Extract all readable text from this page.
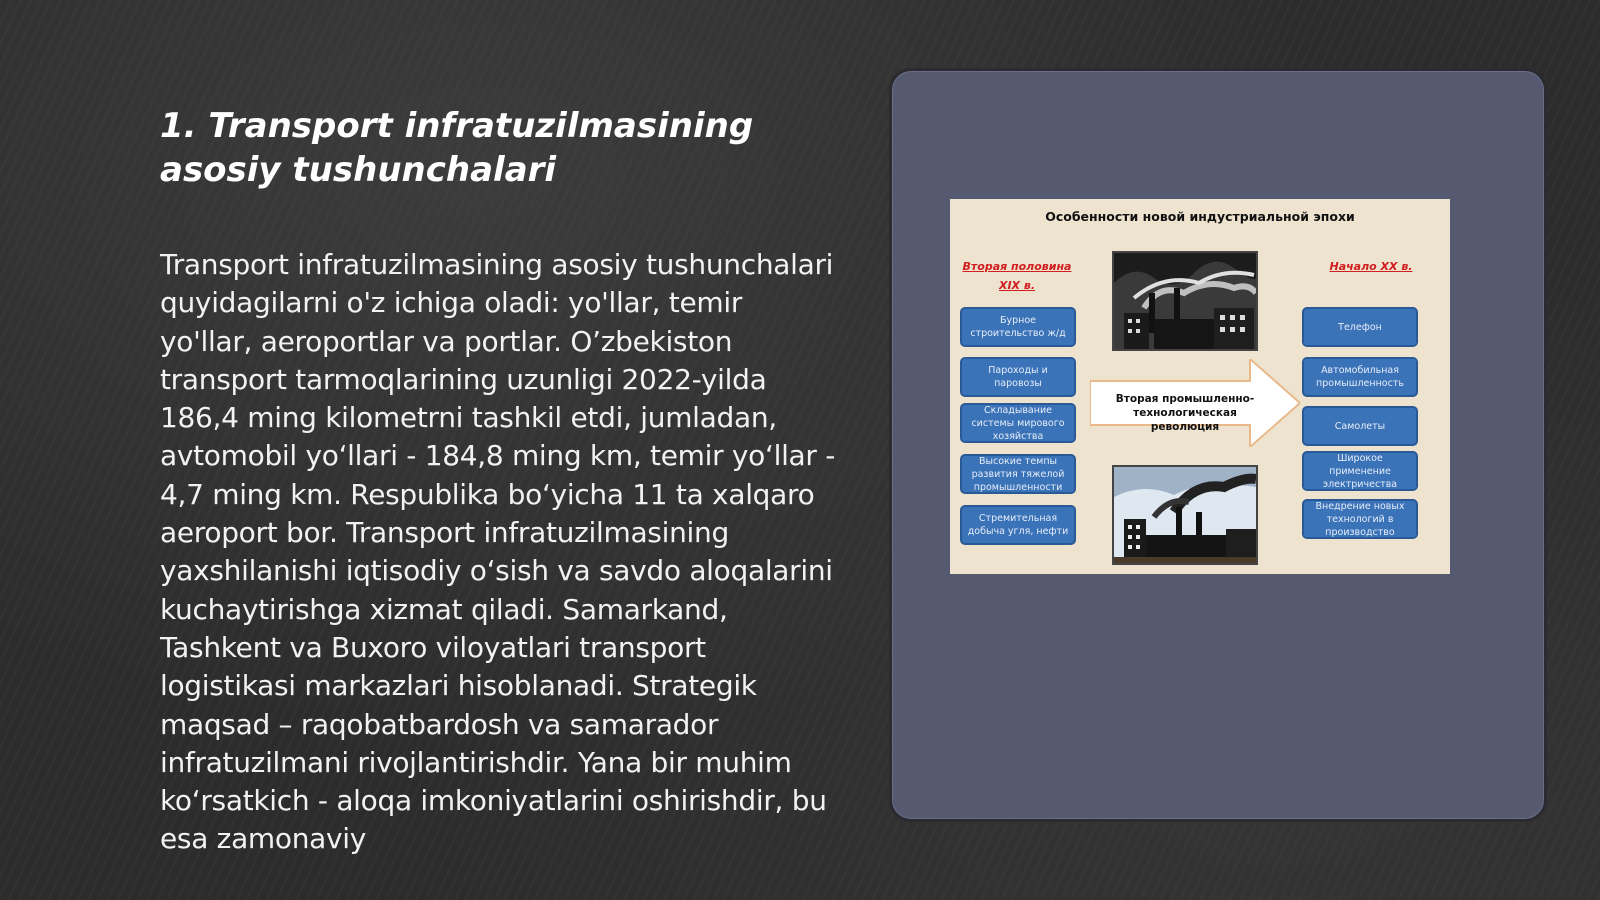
1. Transport infratuzilmasining asosiy tushunchalari

Transport infratuzilmasining asosiy tushunchalari quyidagilarni o'z ichiga oladi: yo'llar, temir yo'llar, aeroportlar va portlar. O’zbekiston transport tarmoqlarining uzunligi 2022-yilda 186,4 ming kilometrni tashkil etdi, jumladan, avtomobil yo‘llari - 184,8 ming km, temir yo‘llar - 4,7 ming km. Respublika bo‘yicha 11 ta xalqaro aeroport bor. Transport infratuzilmasining yaxshilanishi iqtisodiy o‘sish va savdo aloqalarini kuchaytirishga xizmat qiladi. Samarkand, Tashkent va Buxoro viloyatlari transport logistikasi markazlari hisoblanadi. Strategik maqsad – raqobatbardosh va samarador infratuzilmani rivojlantirishdir. Yana bir muhim ko‘rsatkich - aloqa imkoniyatlarini oshirishdir, bu esa zamonaviy

Особенности новой индустриальной эпохи
Вторая половина XIX в.
Начало XX в.
Бурное строительство ж/д
Пароходы и паровозы
Складывание системы мирового хозяйства
Высокие темпы развития тяжелой промышленности
Стремительная добыча угля, нефти
Телефон
Автомобильная промышленность
Самолеты
Широкое применение электричества
Внедрение новых технологий в производство
Вторая промышленно-технологическая революция
